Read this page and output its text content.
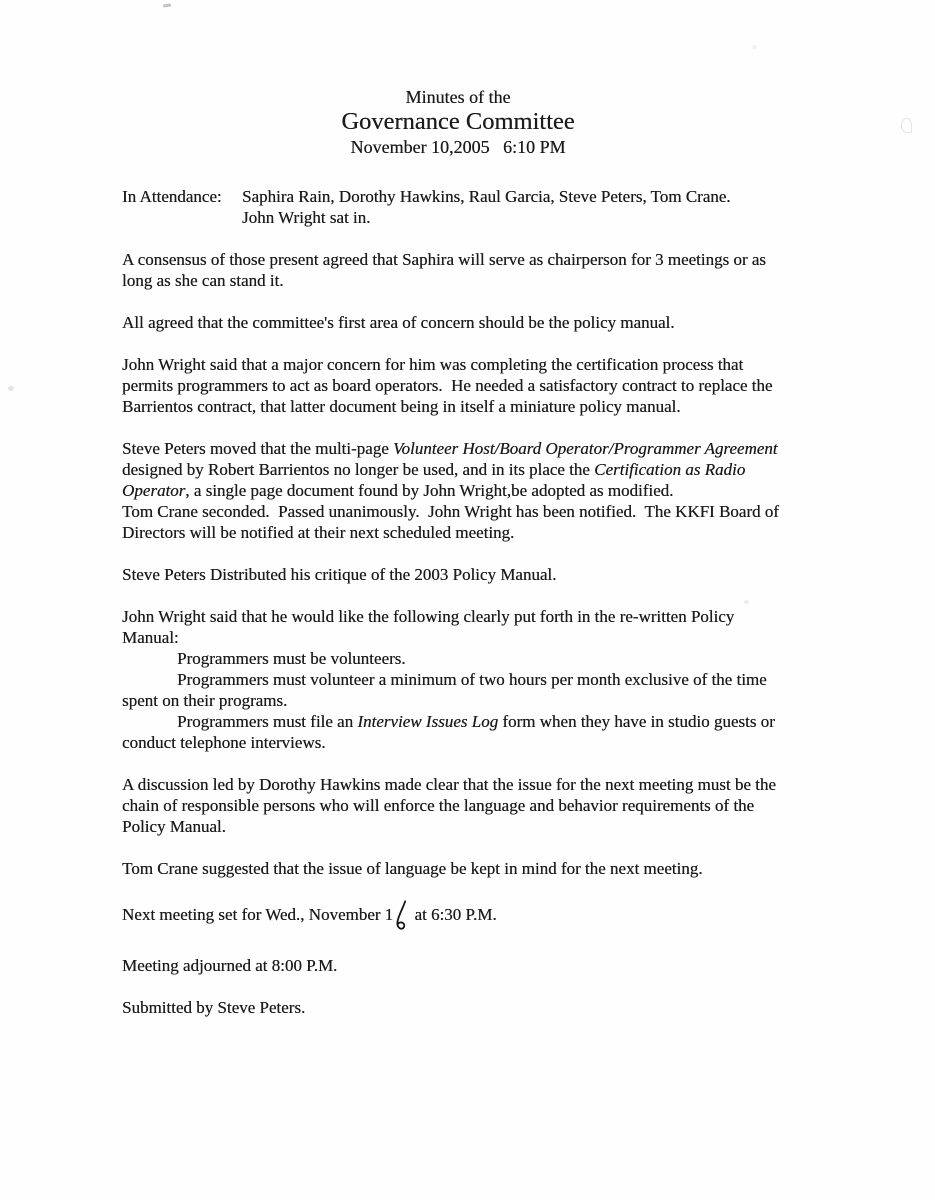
Minutes of the
Governance Committee
November 10,2005   6:10 PM
In Attendance:	Saphira Rain, Dorothy Hawkins, Raul Garcia, Steve Peters, Tom Crane.
John Wright sat in.

A consensus of those present agreed that Saphira will serve as chairperson for 3 meetings or as long as she can stand it.

All agreed that the committee's first area of concern should be the policy manual.

John Wright said that a major concern for him was completing the certification process that permits programmers to act as board operators.  He needed a satisfactory contract to replace the Barrientos contract, that latter document being in itself a miniature policy manual.

Steve Peters moved that the multi-page Volunteer Host/Board Operator/Programmer Agreement designed by Robert Barrientos no longer be used, and in its place the Certification as Radio Operator, a single page document found by John Wright,be adopted as modified.

Tom Crane seconded.  Passed unanimously.  John Wright has been notified.  The KKFI Board of Directors will be notified at their next scheduled meeting.

Steve Peters Distributed his critique of the 2003 Policy Manual.

John Wright said that he would like the following clearly put forth in the re-written Policy Manual:

Programmers must be volunteers.

Programmers must volunteer a minimum of two hours per month exclusive of the time spent on their programs.

Programmers must file an Interview Issues Log form when they have in studio guests or conduct telephone interviews.

A discussion led by Dorothy Hawkins made clear that the issue for the next meeting must be the chain of responsible persons who will enforce the language and behavior requirements of the Policy Manual.

Tom Crane suggested that the issue of language be kept in mind for the next meeting.

Next meeting set for Wed., November 1
at 6:30 P.M.

Meeting adjourned at 8:00 P.M.

Submitted by Steve Peters.
